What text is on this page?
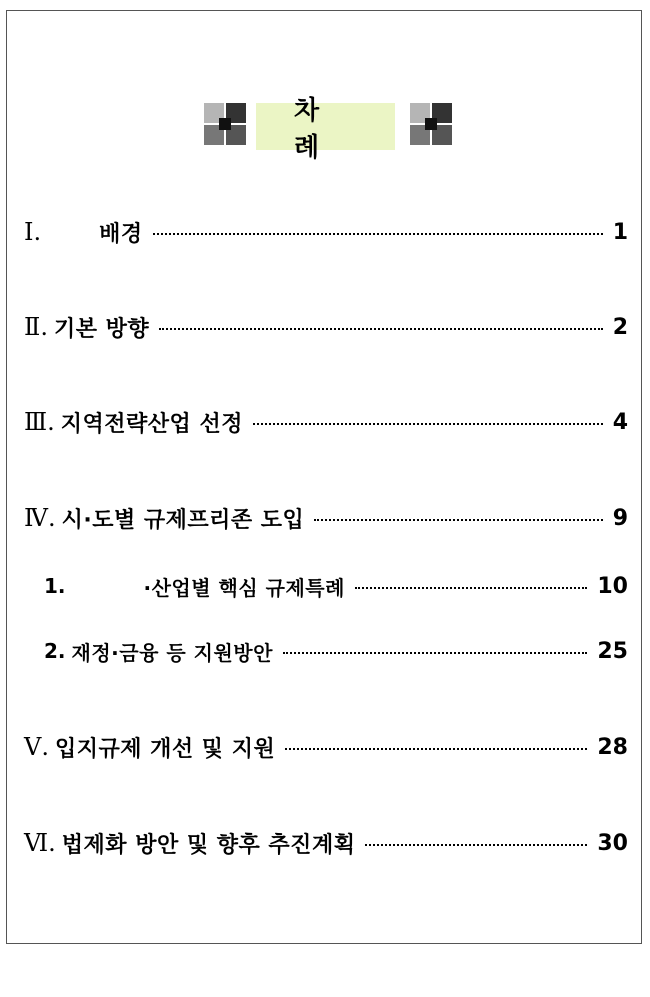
차 례
Ⅰ.	배경	1
Ⅱ. 기본 방향	2
Ⅲ. 지역전략산업 선정	4
Ⅳ. 시·도별 규제프리존 도입	9
1.	·산업별 핵심 규제특례	10
2. 재정·금융 등 지원방안	25
Ⅴ. 입지규제 개선 및 지원	28
Ⅵ. 법제화 방안 및 향후 추진계획	30
